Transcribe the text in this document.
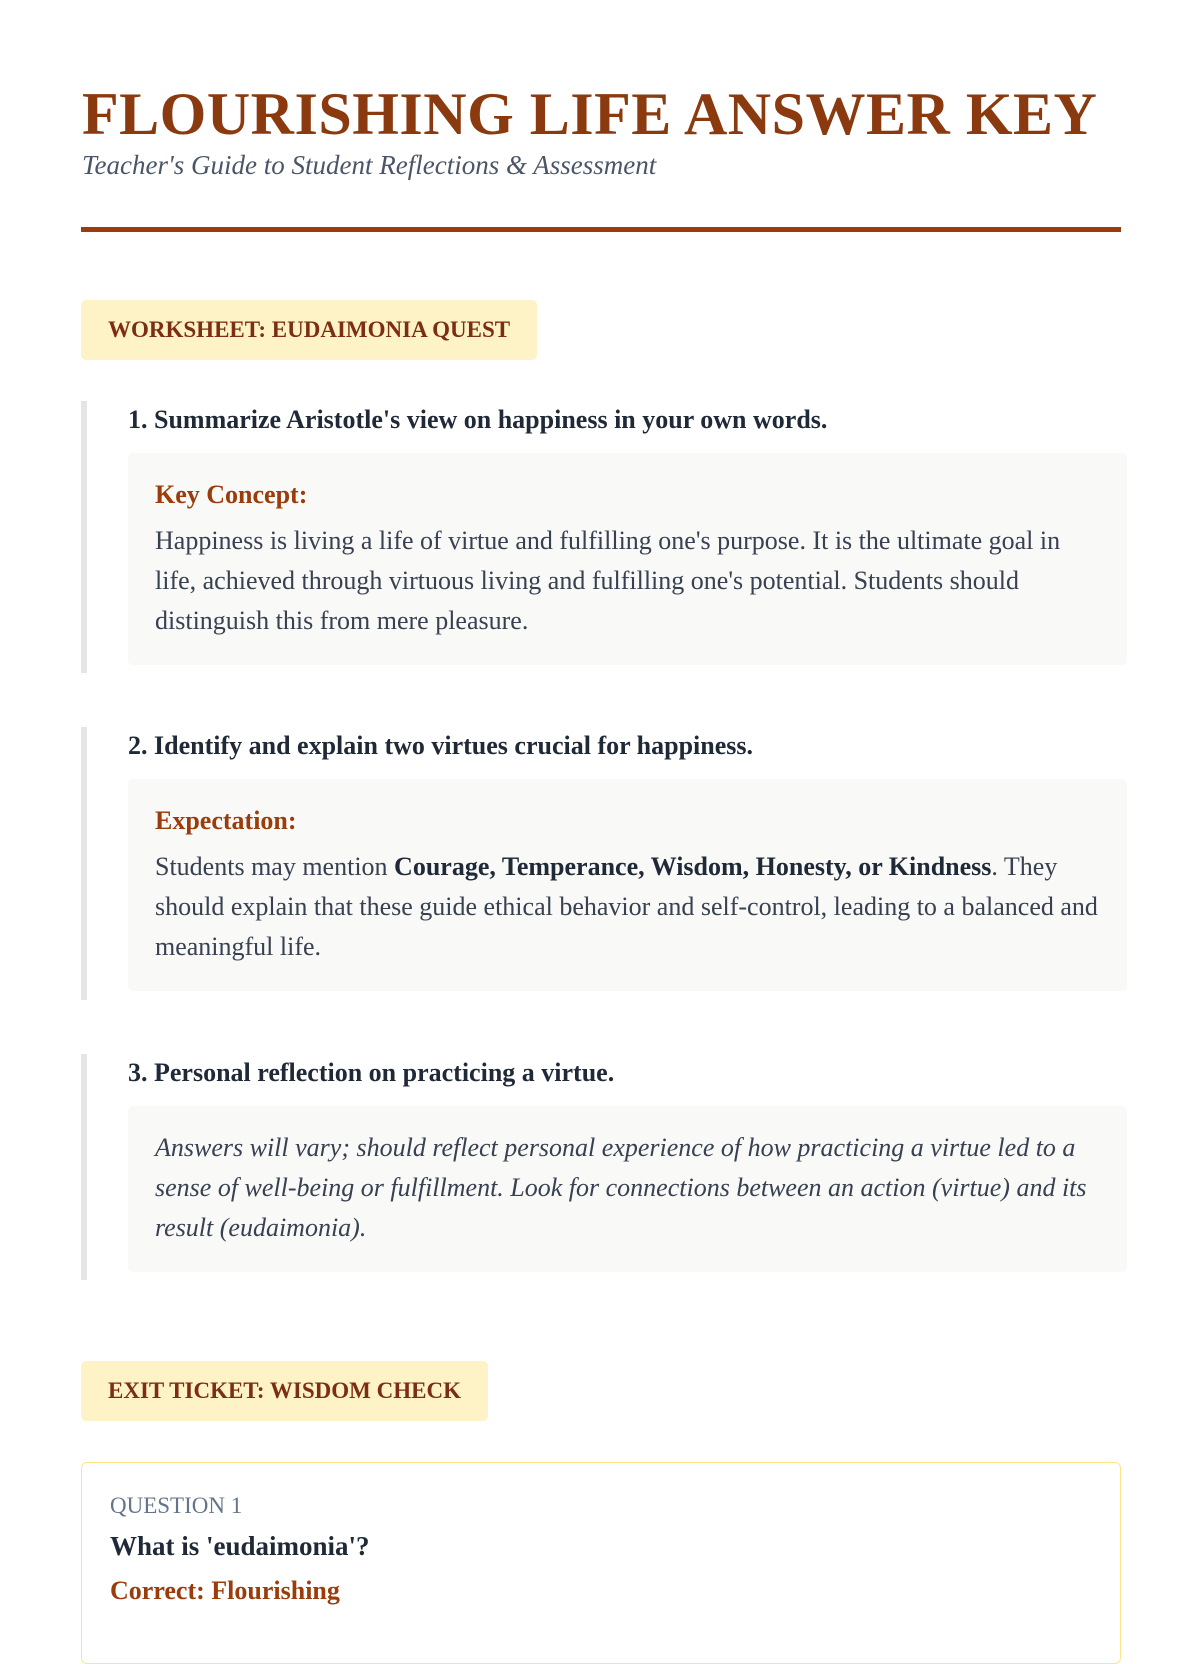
FLOURISHING LIFE ANSWER KEY
Teacher's Guide to Student Reflections & Assessment
WORKSHEET: EUDAIMONIA QUEST
1. Summarize Aristotle's view on happiness in your own words.
Key Concept:
Happiness is living a life of virtue and fulfilling one's purpose. It is the ultimate goal in life, achieved through virtuous living and fulfilling one's potential. Students should distinguish this from mere pleasure.
2. Identify and explain two virtues crucial for happiness.
Expectation:
Students may mention Courage, Temperance, Wisdom, Honesty, or Kindness. They should explain that these guide ethical behavior and self-control, leading to a balanced and meaningful life.
3. Personal reflection on practicing a virtue.
Answers will vary; should reflect personal experience of how practicing a virtue led to a sense of well-being or fulfillment. Look for connections between an action (virtue) and its result (eudaimonia).
EXIT TICKET: WISDOM CHECK
QUESTION 1
What is 'eudaimonia'?
Correct: Flourishing
